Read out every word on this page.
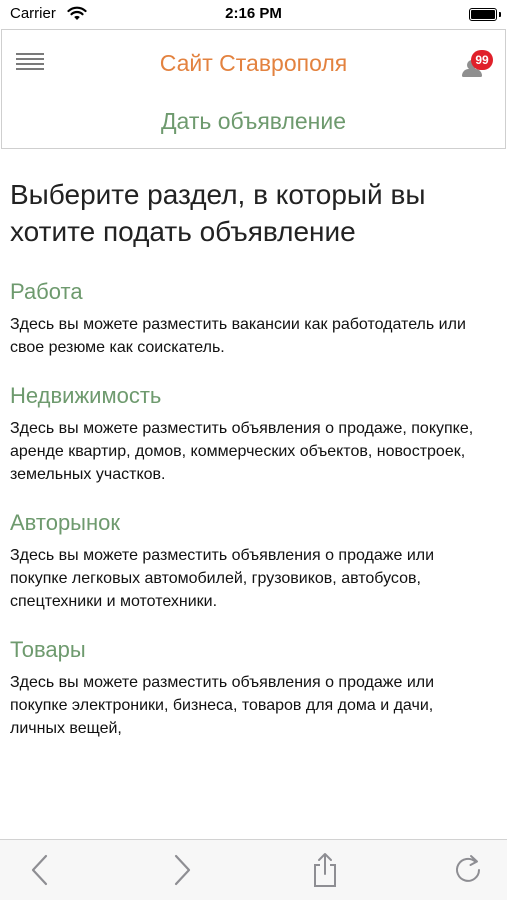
Carrier	2:16 PM
Сайт Ставрополя	99
Дать объявление
Выберите раздел, в который вы хотите подать объявление
Работа

Здесь вы можете разместить вакансии как работодатель или свое резюме как соискатель.

Недвижимость

Здесь вы можете разместить объявления о продаже, покупке, аренде квартир, домов, коммерческих объектов, новострoек, земельных участков.

Авторынок

Здесь вы можете разместить объявления о продаже или покупке легковых автомобилей, грузовиков, автобусов, спецтехники и мототехники.

Товары

Здесь вы можете разместить объявления о продаже или покупке электроники, бизнеса, товаров для дома и дачи, личных вещей,
